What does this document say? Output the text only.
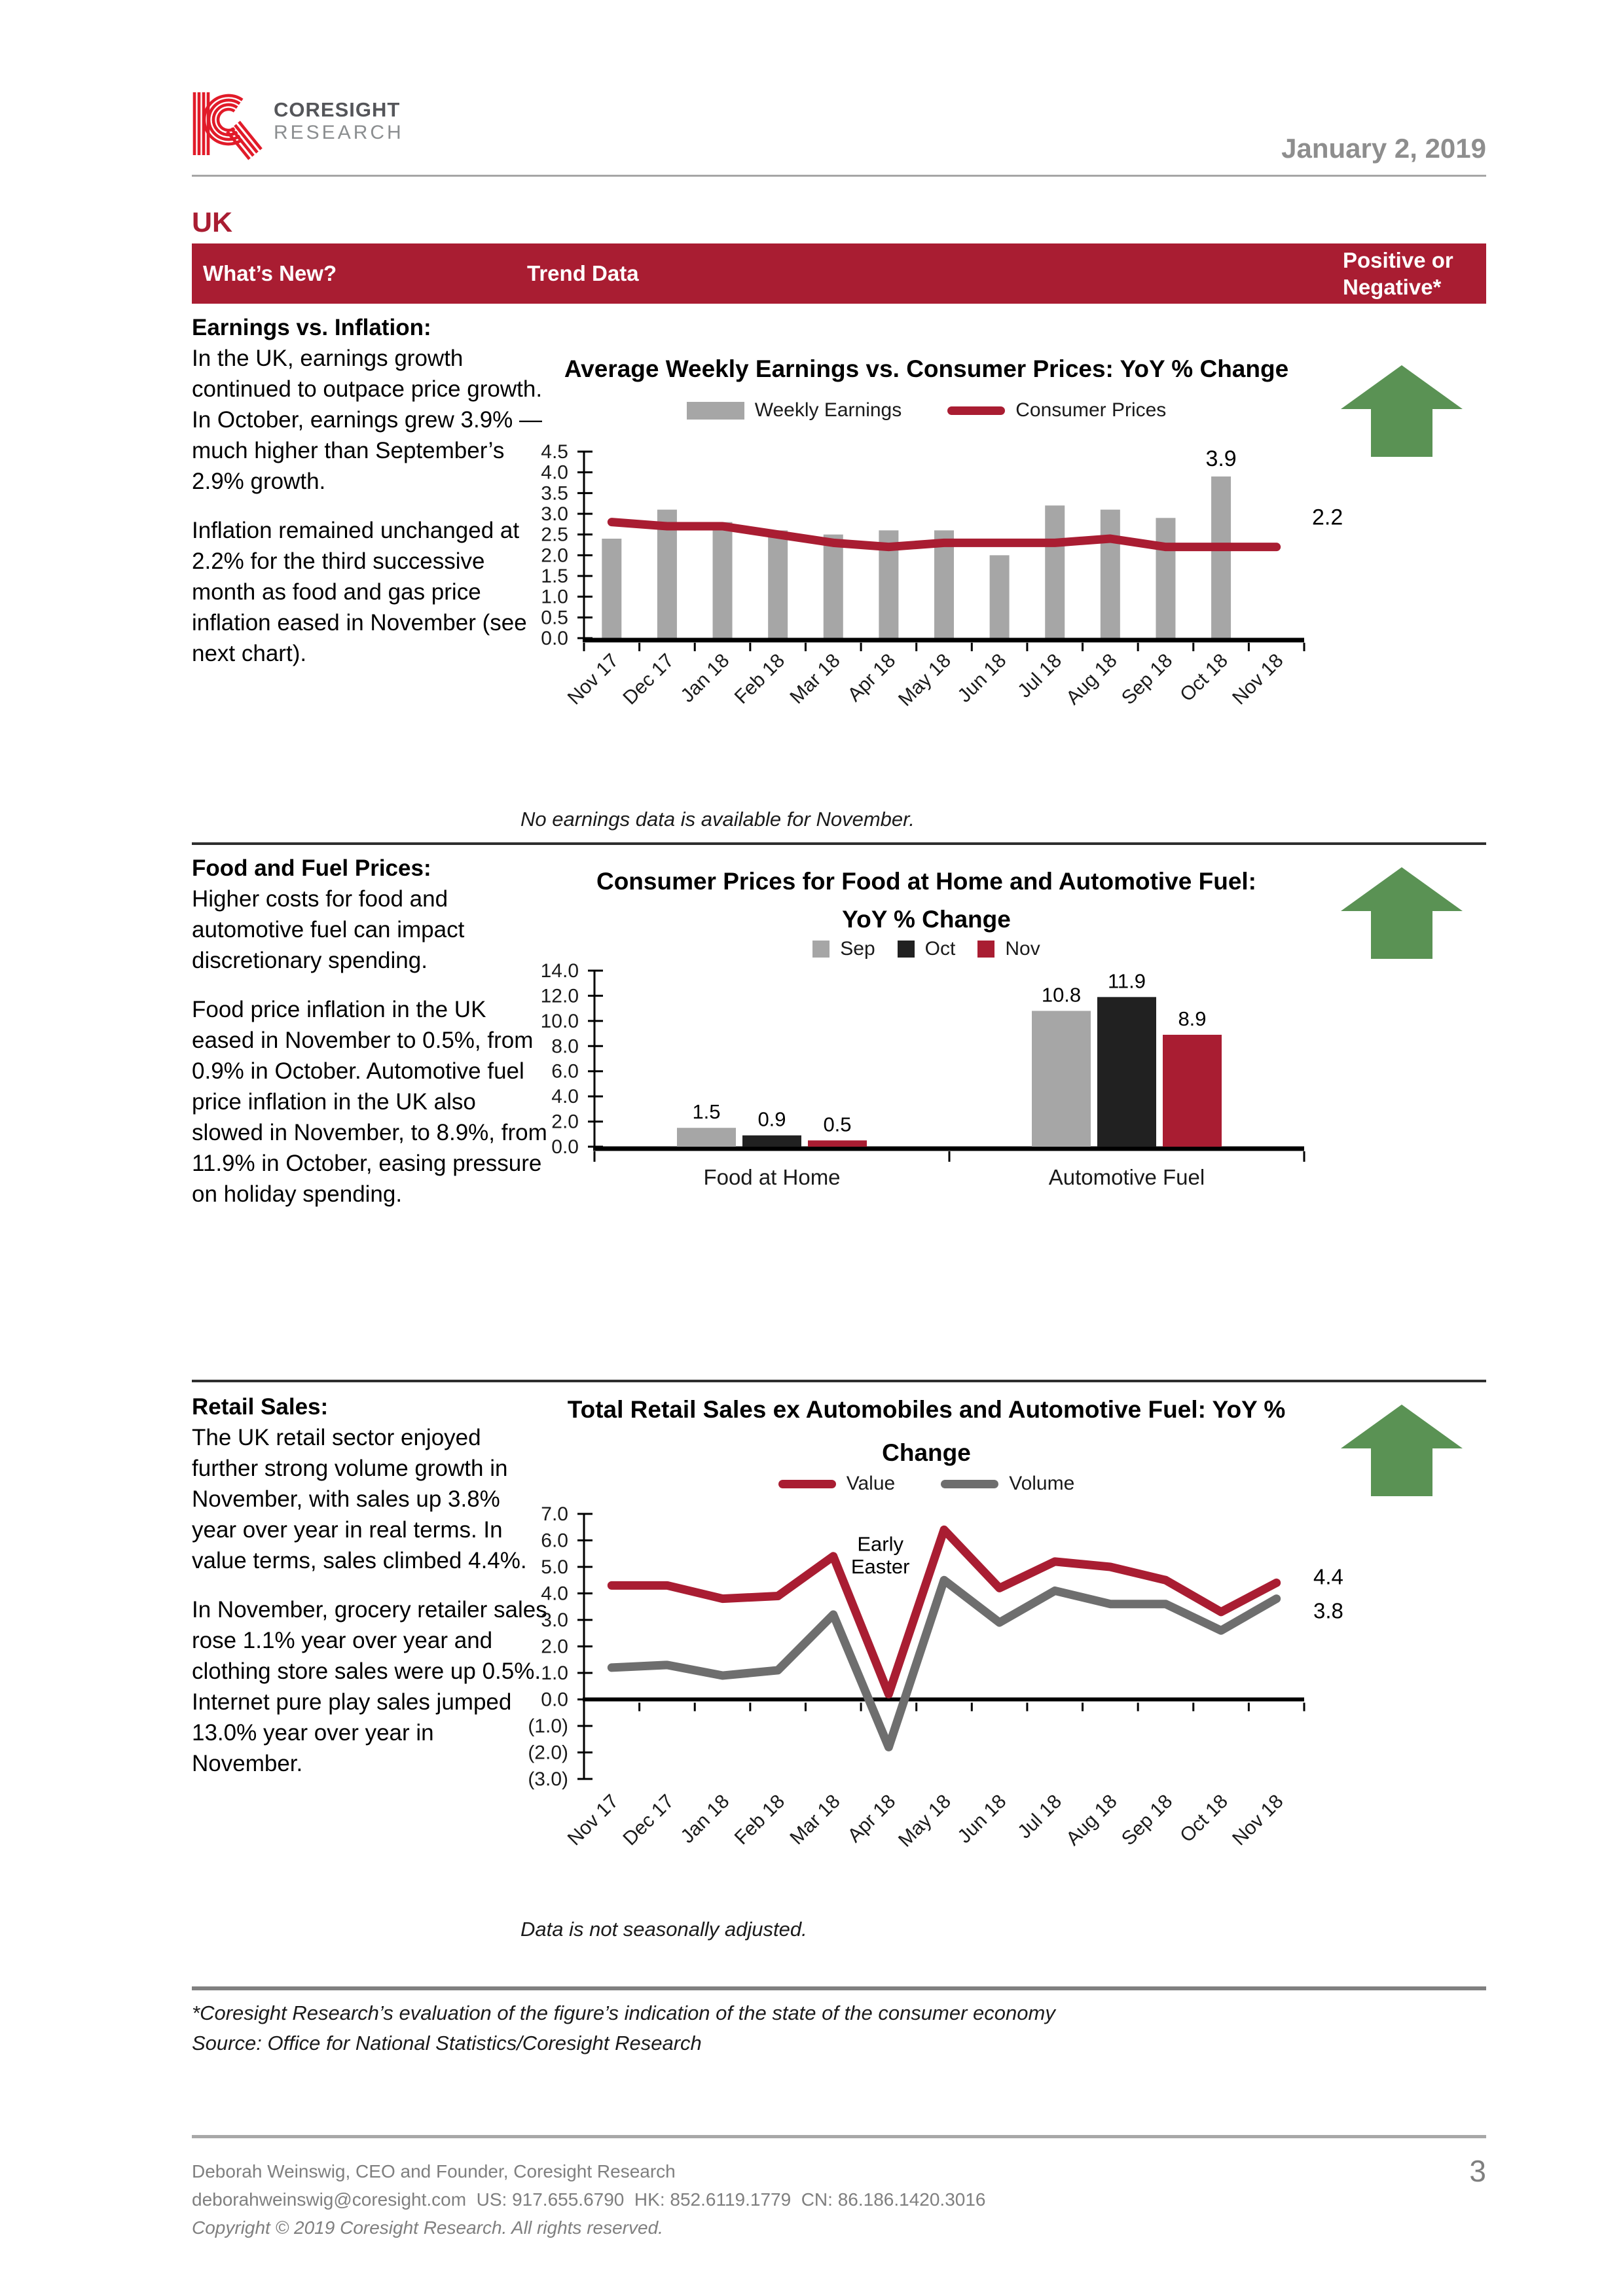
CORESIGHT
RESEARCH
January 2, 2019
UK
What’s New?	Trend Data
Positive or
Negative*
Earnings vs. Inflation:

In the UK, earnings growth continued to outpace price growth. In October, earnings grew 3.9% — much higher than September’s 2.9% growth.

Inflation remained unchanged at 2.2% for the third successive month as food and gas price inflation eased in November (see next chart).

Average Weekly Earnings vs. Consumer Prices: YoY % Change
Weekly Earnings	Consumer Prices
0.0
0.5
1.0
1.5
2.0
2.5
3.0
3.5
4.0
4.5	3.9
2.2
Nov 17
Dec 17
Jan 18
Feb 18
Mar 18
Apr 18
May 18
Jun 18 Jul 18
Aug 18
Sep 18
Oct 18
Nov 18
No earnings data is available for November.
Food and Fuel Prices:

Higher costs for food and automotive fuel can impact discretionary spending.

Food price inflation in the UK eased in November to 0.5%, from 0.9% in October. Automotive fuel price inflation in the UK also slowed in November, to 8.9%, from 11.9% in October, easing pressure on holiday spending.

Consumer Prices for Food at Home and Automotive Fuel:
YoY % Change
Sep	Oct	Nov
0.0
2.0
4.0
6.0
8.0
10.0
12.0
14.0
1.5 0.9 0.5
Food at Home
10.8
11.9
8.9
Automotive Fuel
Retail Sales:

The UK retail sector enjoyed further strong volume growth in November, with sales up 3.8% year over year in real terms. In value terms, sales climbed 4.4%.

In November, grocery retailer sales rose 1.1% year over year and clothing store sales were up 0.5%. Internet pure play sales jumped 13.0% year over year in November.

Total Retail Sales ex Automobiles and Automotive Fuel: YoY %
Change
Value	Volume
(3.0)
(2.0)
(1.0)
0.0
1.0
2.0
3.0
4.0
5.0
6.0
7.0
4.4
3.8
Early
Easter
Nov 17
Dec 17
Jan 18
Feb 18
Mar 18
Apr 18
May 18
Jun 18 Jul 18
Aug 18
Sep 18
Oct 18
Nov 18
Data is not seasonally adjusted.
*Coresight Research’s evaluation of the figure’s indication of the state of the consumer economy
Source: Office for National Statistics/Coresight Research
Deborah Weinswig, CEO and Founder, Coresight Research
deborahweinswig@coresight.com  US: 917.655.6790  HK: 852.6119.1779  CN: 86.186.1420.3016
Copyright © 2019 Coresight Research. All rights reserved.
3
